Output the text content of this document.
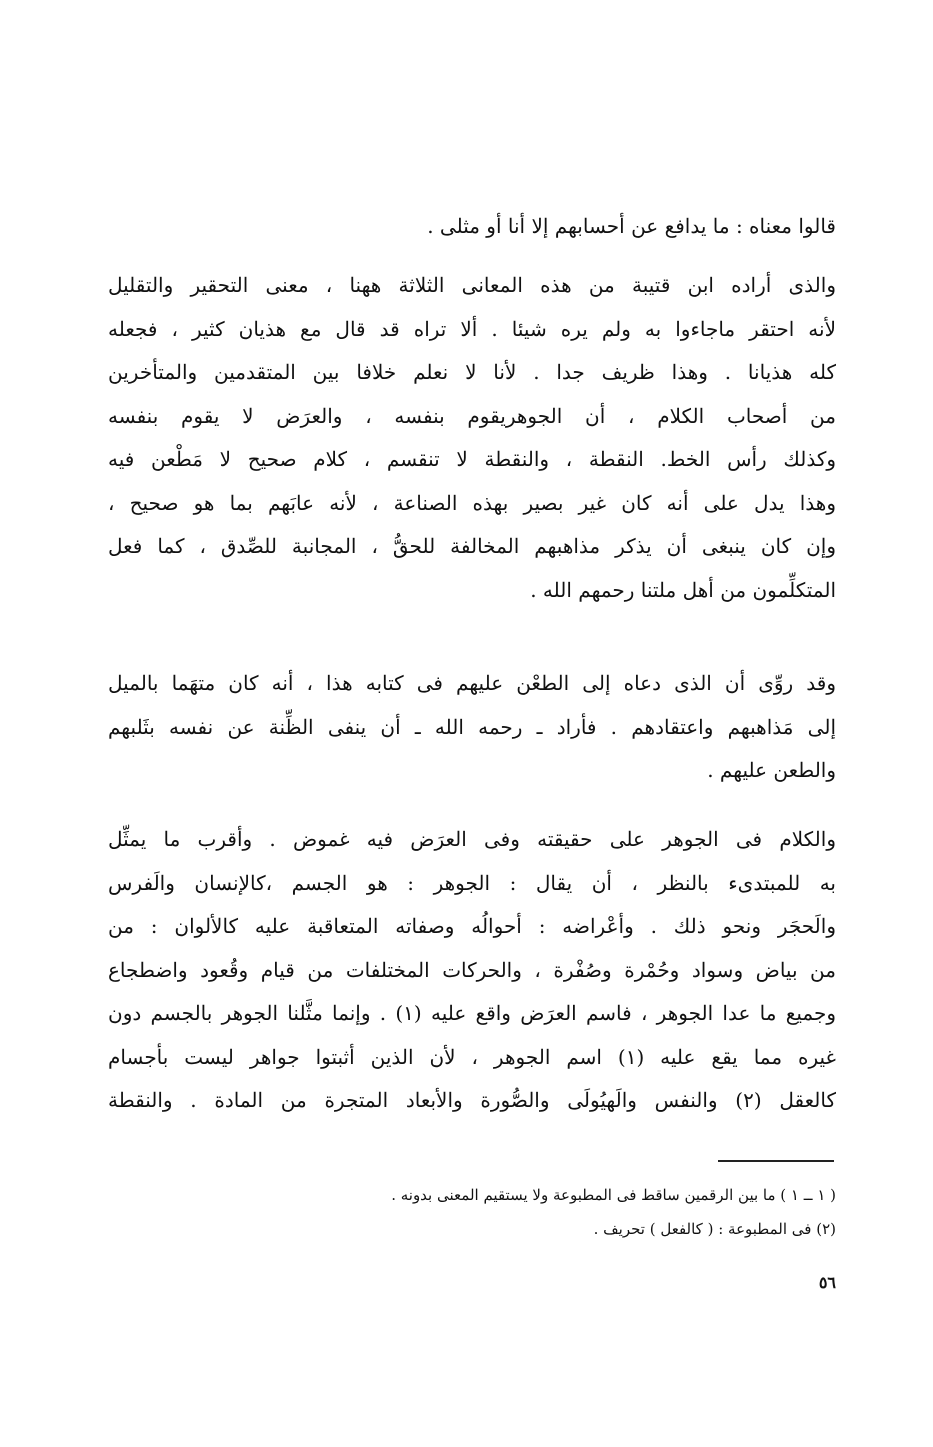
قالوا معناه : ما يدافع عن أحسابهم إلا أنا أو مثلى .
والذى أراده ابن قتيبة من هذه المعانى الثلاثة ههنا ، معنى التحقير والتقليل
لأنه احتقر ماجاءوا به ولم يره شيئا . ألا تراه قد قال مع هذيان كثير ، فجعله
كله هذيانا . وهذا ظريف جدا . لأنا لا نعلم خلافا بين المتقدمين والمتأخرين
من أصحاب الكلام ، أن الجوهريقوم بنفسه ، والعرَض لا يقوم بنفسه
وكذلك رأس الخط. النقطة ، والنقطة لا تنقسم ، كلام صحيح لا مَطْعن فيه
وهذا يدل على أنه كان غير بصير بهذه الصناعة ، لأنه عابَهم بما هو صحيح ،
وإن كان ينبغى أن يذكر مذاهبهم المخالفة للحقُّ ، المجانبة للصِّدق ، كما فعل
المتكلِّمون من أهل ملتنا رحمهم الله .
وقد روِّى أن الذى دعاه إلى الطعْن عليهم فى كتابه هذا ، أنه كان متهَما بالميل
إلى مَذاهبهم واعتقادهم . فأراد ـ رحمه الله ـ أن ينفى الظِّنة عن نفسه بثَلبهم
والطعن عليهم .
والكلام فى الجوهر على حقيقته وفى العرَض فيه غموض . وأقرب ما يمثِّل
به للمبتدىء بالنظر ، أن يقال : الجوهر : هو الجسم ،كالإنسان والَفرس
والَحجَر ونحو ذلك . وأعْراضه : أحوالُه وصفاته المتعاقبة عليه كالألوان : من
من بياض وسواد وحُمْرة وصُفْرة ، والحركات المختلفات من قيام وقُعود واضطجاع
وجميع ما عدا الجوهر ، فاسم العرَض واقع عليه (١) . وإنما مثَّلنا الجوهر بالجسم دون
غيره مما يقع عليه (١) اسم الجوهر ، لأن الذين أثبتوا جواهر ليست بأجسام
كالعقل (٢) والنفس والَهيُولَى والصُّورة والأبعاد المتجرة من المادة . والنقطة
( ١ ــ ١ ) ما بين الرقمين ساقط فى المطبوعة ولا يستقيم المعنى بدونه .
(٢) فى المطبوعة : ( كالفعل ) تحريف .
٥٦
